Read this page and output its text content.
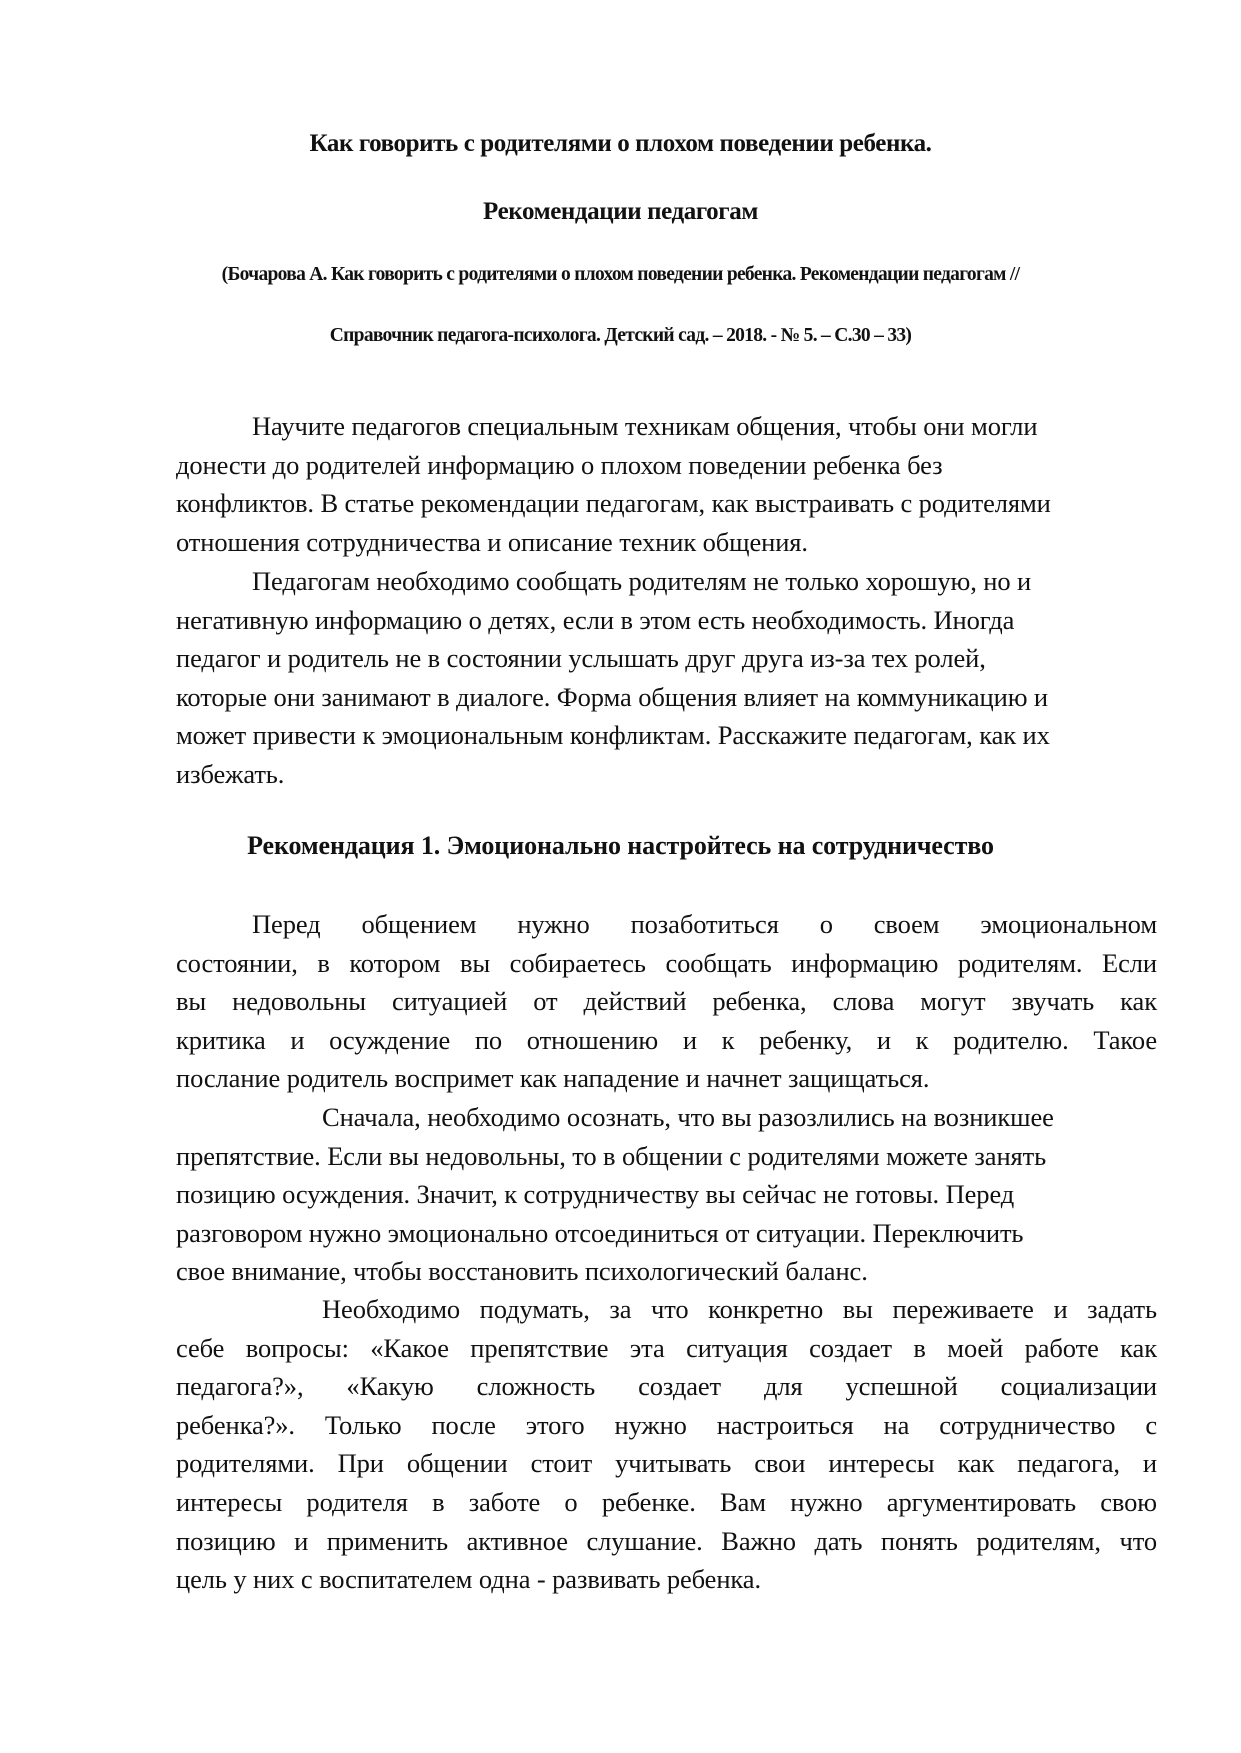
Как говорить с родителями о плохом поведении ребенка.
Рекомендации педагогам

(Бочарова А. Как говорить с родителями о плохом поведении ребенка. Рекомендации педагогам //

Справочник педагога-психолога. Детский сад. – 2018. - № 5. – С.30 – 33)

Научите педагогов специальным техникам общения, чтобы они могли
донести до родителей информацию о плохом поведении ребенка без
конфликтов. В статье рекомендации педагогам, как выстраивать с родителями
отношения сотрудничества и описание техник общения.
Педагогам необходимо сообщать родителям не только хорошую, но и
негативную информацию о детях, если в этом есть необходимость. Иногда
педагог и родитель не в состоянии услышать друг друга из-за тех ролей,
которые они занимают в диалоге. Форма общения влияет на коммуникацию и
может привести к эмоциональным конфликтам. Расскажите педагогам, как их
избежать.
Рекомендация 1. Эмоционально настройтесь на сотрудничество
Перед общением нужно позаботиться о своем эмоциональном
состоянии, в котором вы собираетесь сообщать информацию родителям. Если
вы недовольны ситуацией от действий ребенка, слова могут звучать как
критика и осуждение по отношению и к ребенку, и к родителю. Такое
послание родитель воспримет как нападение и начнет защищаться.
Сначала, необходимо осознать, что вы разозлились на возникшее
препятствие. Если вы недовольны, то в общении с родителями можете занять
позицию осуждения. Значит, к сотрудничеству вы сейчас не готовы. Перед
разговором нужно эмоционально отсоединиться от ситуации. Переключить
свое внимание, чтобы восстановить психологический баланс.
Необходимо подумать, за что конкретно вы переживаете и задать
себе вопросы: «Какое препятствие эта ситуация создает в моей работе как
педагога?», «Какую сложность создает для успешной социализации
ребенка?». Только после этого нужно настроиться на сотрудничество с
родителями. При общении стоит учитывать свои интересы как педагога, и
интересы родителя в заботе о ребенке. Вам нужно аргументировать свою
позицию и применить активное слушание. Важно дать понять родителям, что
цель у них с воспитателем одна - развивать ребенка.
